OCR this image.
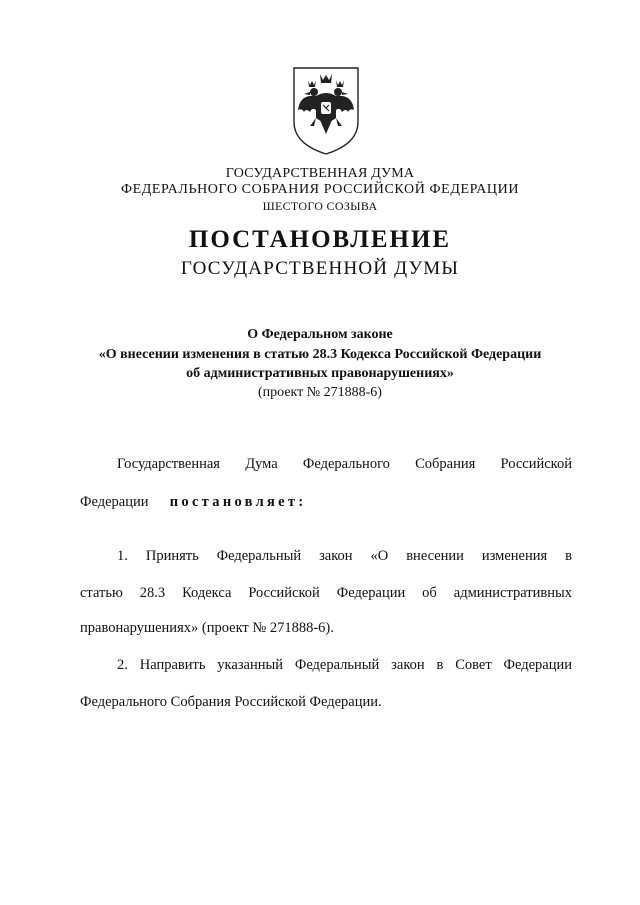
ГОСУДАРСТВЕННАЯ ДУМА
ФЕДЕРАЛЬНОГО СОБРАНИЯ РОССИЙСКОЙ ФЕДЕРАЦИИ
ШЕСТОГО СОЗЫВА
ПОСТАНОВЛЕНИЕ
ГОСУДАРСТВЕННОЙ ДУМЫ
О Федеральном законе
«О внесении изменения в статью 28.3 Кодекса Российской Федерации
об административных правонарушениях»
(проект № 271888-6)
Государственная Дума Федерального Собрания Российской
Федерации постановляет:
1. Принять Федеральный закон «О внесении изменения в
статью 28.3 Кодекса Российской Федерации об административных
правонарушениях» (проект № 271888-6).
2. Направить указанный Федеральный закон в Совет Федерации
Федерального Собрания Российской Федерации.
